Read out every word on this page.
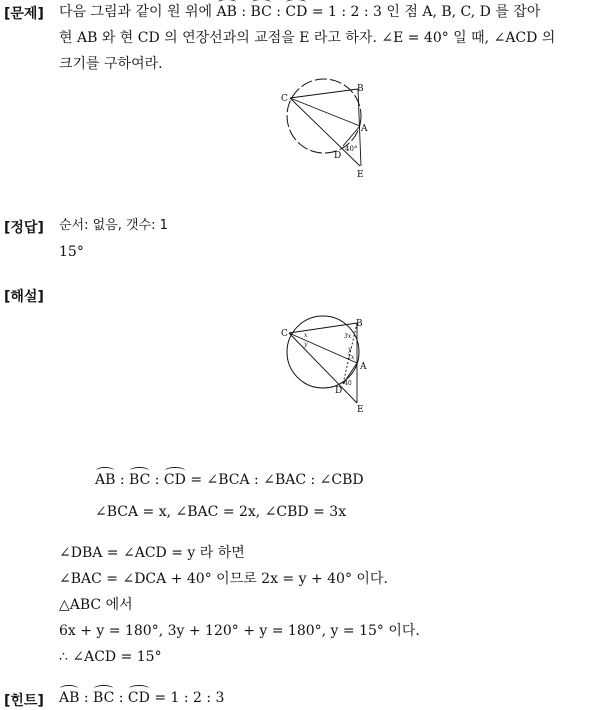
[문제] 다음 그림과 같이 원 위에 AB : BC : CD = 1 : 2 : 3 인 점 A, B, C, D 를 잡아
현 AB 와 현 CD 의 연장선과의 교점을 E 라고 하자. ∠E = 40° 일 때, ∠ACD 의
크기를 구하여라.
C
B
A
D
E
40°
[정답] 순서: 없음, 갯수: 1
15°
[해설]
C
B
A
D
E
x
y
3x
y
2x
40
AB : BC : CD = ∠BCA : ∠BAC : ∠CBD
∠BCA = x, ∠BAC = 2x, ∠CBD = 3x
∠DBA = ∠ACD = y 라 하면
∠BAC = ∠DCA + 40° 이므로 2x = y + 40° 이다.
△ABC 에서
6x + y = 180°, 3y + 120° + y = 180°, y = 15° 이다.
∴ ∠ACD = 15°
[힌트] AB : BC : CD = 1 : 2 : 3
